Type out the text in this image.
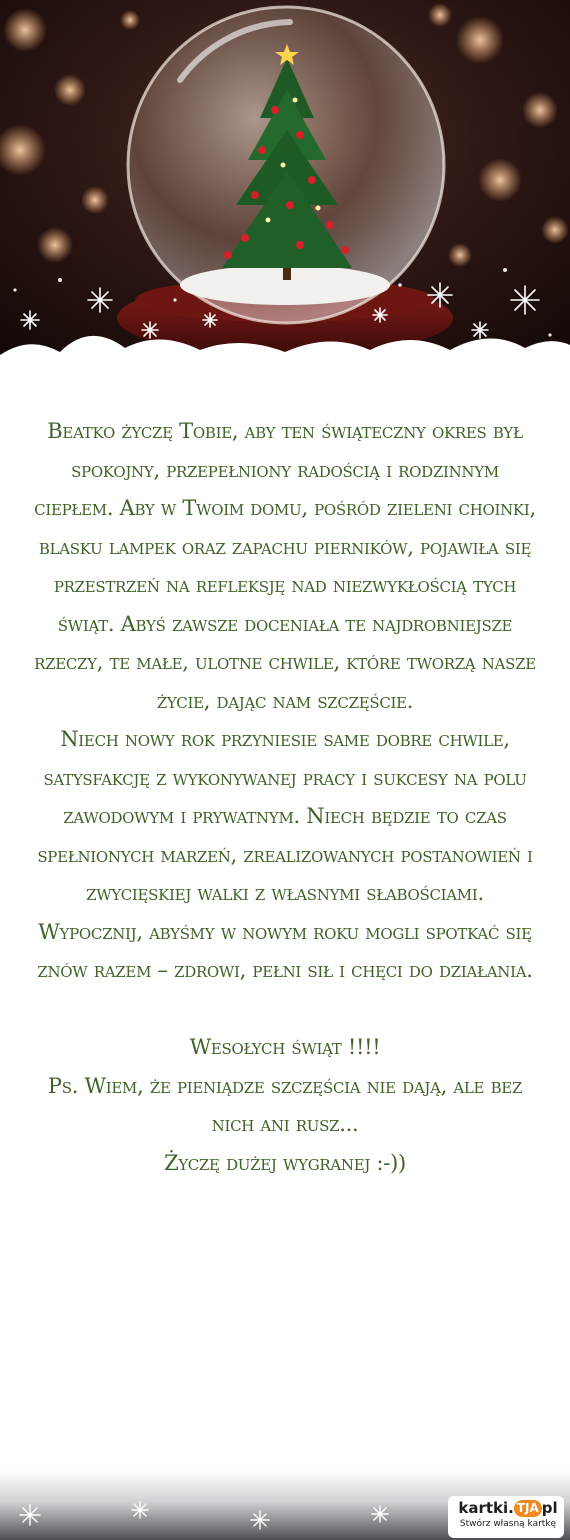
Beatko życzę Tobie, aby ten świąteczny okres był

spokojny, przepełniony radością i rodzinnym

ciepłem. Aby w Twoim domu, pośród zieleni choinki,

blasku lampek oraz zapachu pierników, pojawiła się

przestrzeń na refleksję nad niezwykłością tych

świąt. Abyś zawsze doceniała te najdrobniejsze

rzeczy, te małe, ulotne chwile, które tworzą nasze

życie, dając nam szczęście.

Niech nowy rok przyniesie same dobre chwile,

satysfakcję z wykonywanej pracy i sukcesy na polu

zawodowym i prywatnym. Niech będzie to czas

spełnionych marzeń, zrealizowanych postanowień i

zwycięskiej walki z własnymi słabościami.

Wypocznij, abyśmy w nowym roku mogli spotkać się

znów razem – zdrowi, pełni sił i chęci do działania.

Wesołych świąt !!!!

Ps. Wiem, że pieniądze szczęścia nie dają, ale bez

nich ani rusz...

Życzę dużej wygranej :-))

kartki. TJA pl
Stwórz własną kartkę
